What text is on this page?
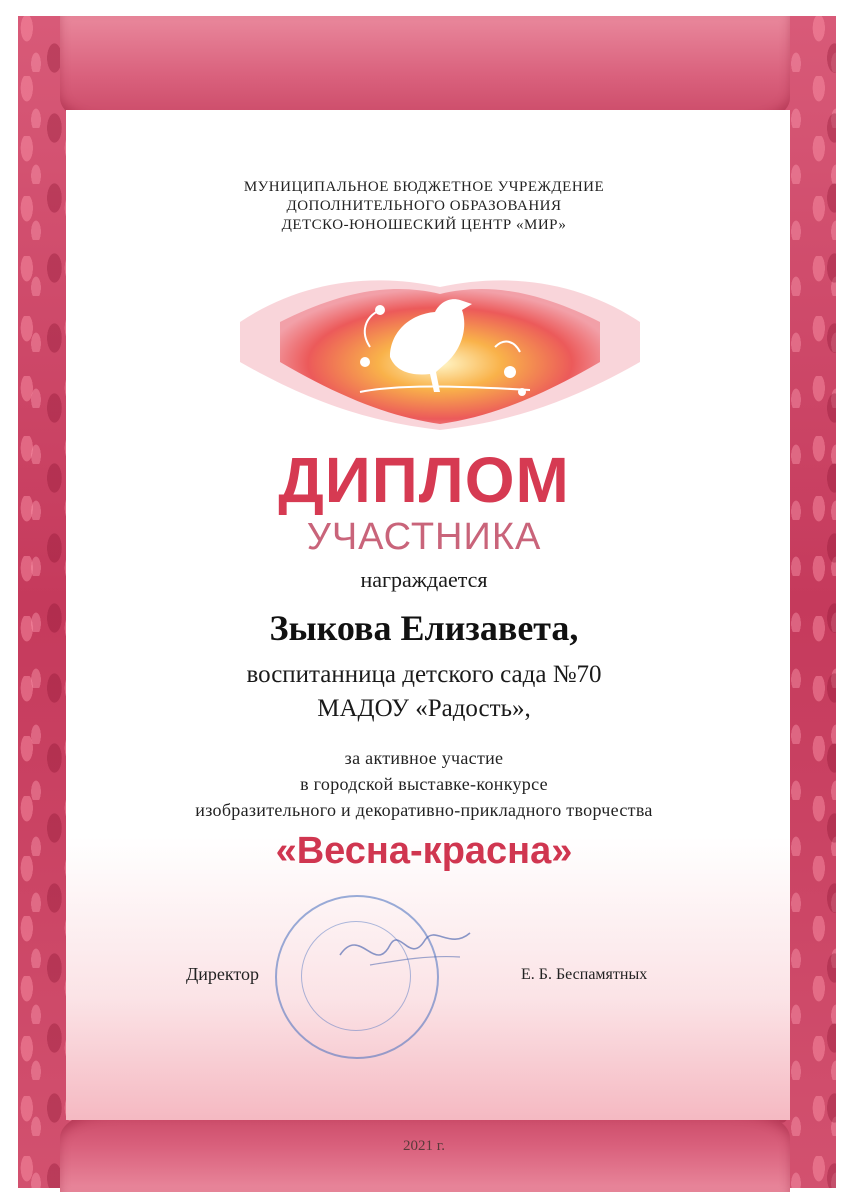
МУНИЦИПАЛЬНОЕ БЮДЖЕТНОЕ УЧРЕЖДЕНИЕ
ДОПОЛНИТЕЛЬНОГО ОБРАЗОВАНИЯ
ДЕТСКО-ЮНОШЕСКИЙ ЦЕНТР «МИР»
ДИПЛОМ
УЧАСТНИКА
награждается
Зыкова Елизавета,
воспитанница детского сада №70
МАДОУ «Радость»,
за активное участие
в городской выставке-конкурсе
изобразительного и декоративно-прикладного творчества
«Весна-красна»
Директор	Е. Б. Беспамятных
2021 г.
